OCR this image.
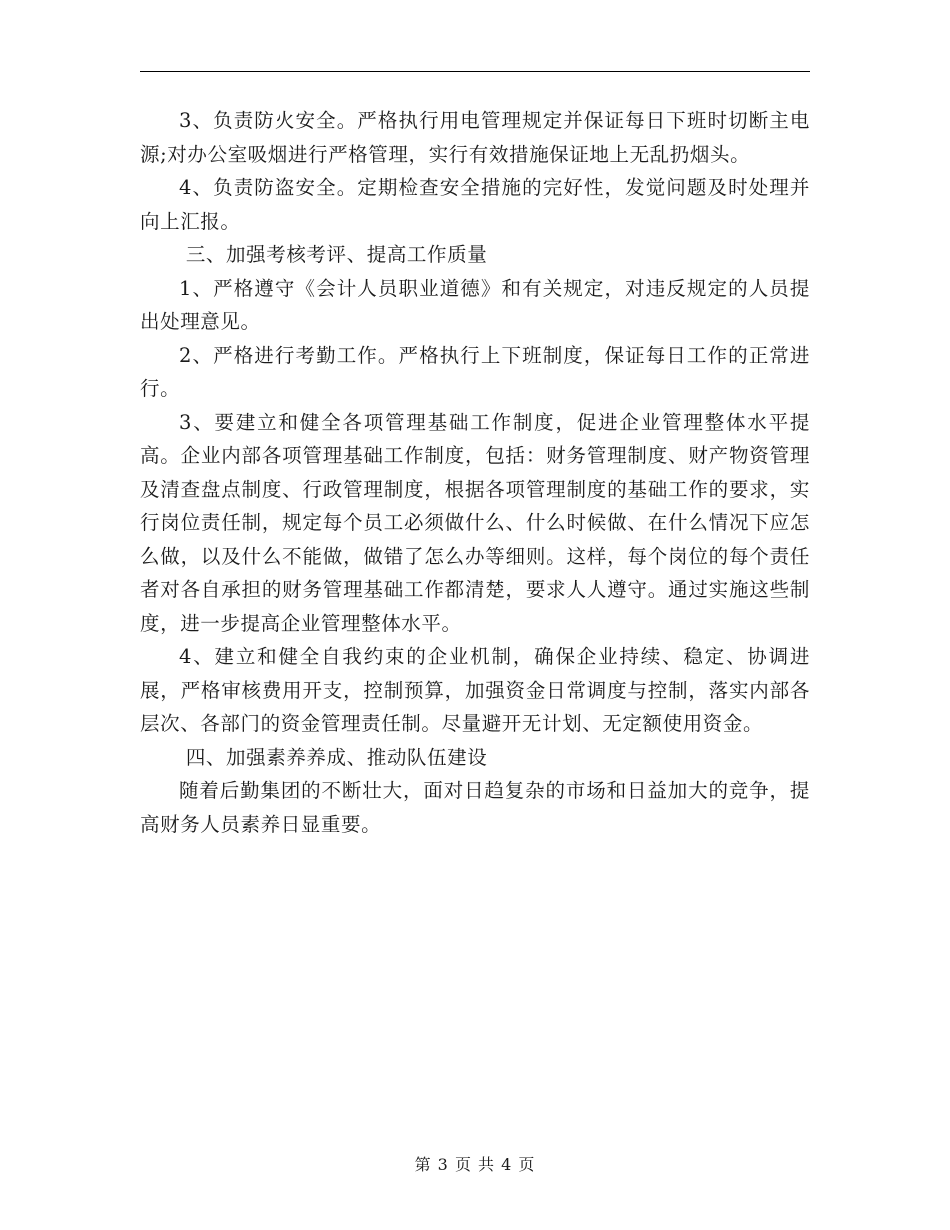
3、负责防火安全。严格执行用电管理规定并保证每日下班时切断主电源;对办公室吸烟进行严格管理，实行有效措施保证地上无乱扔烟头。

4、负责防盗安全。定期检查安全措施的完好性，发觉问题及时处理并向上汇报。

三、加强考核考评、提高工作质量

1、严格遵守《会计人员职业道德》和有关规定，对违反规定的人员提出处理意见。

2、严格进行考勤工作。严格执行上下班制度，保证每日工作的正常进行。

3、要建立和健全各项管理基础工作制度，促进企业管理整体水平提高。企业内部各项管理基础工作制度，包括：财务管理制度、财产物资管理及清查盘点制度、行政管理制度，根据各项管理制度的基础工作的要求，实行岗位责任制，规定每个员工必须做什么、什么时候做、在什么情况下应怎么做，以及什么不能做，做错了怎么办等细则。这样，每个岗位的每个责任者对各自承担的财务管理基础工作都清楚，要求人人遵守。通过实施这些制度，进一步提高企业管理整体水平。

4、建立和健全自我约束的企业机制，确保企业持续、稳定、协调进展，严格审核费用开支，控制预算，加强资金日常调度与控制，落实内部各层次、各部门的资金管理责任制。尽量避开无计划、无定额使用资金。

四、加强素养养成、推动队伍建设

随着后勤集团的不断壮大，面对日趋复杂的市场和日益加大的竞争，提高财务人员素养日显重要。

第 3 页 共 4 页
